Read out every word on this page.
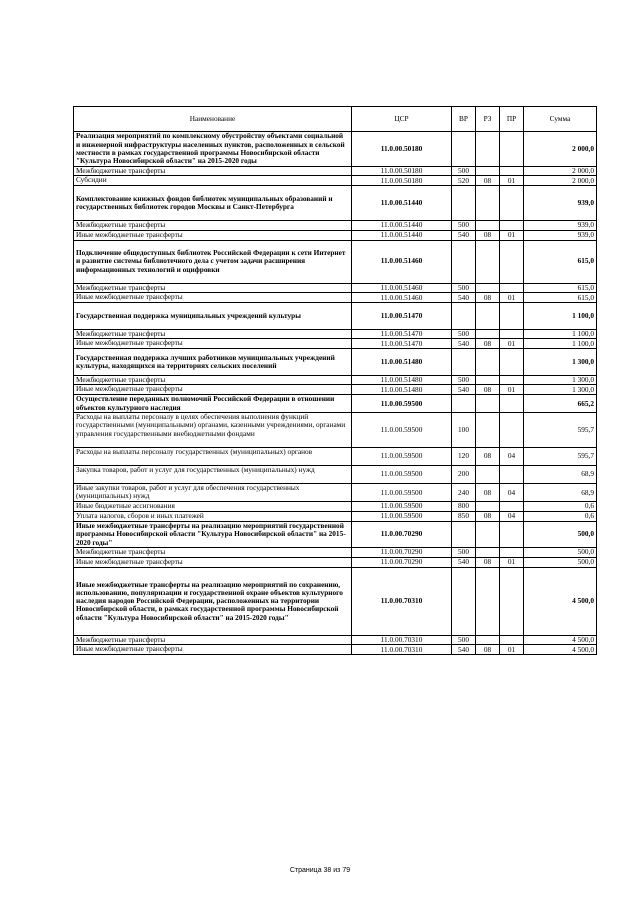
Наименование	ЦСР	ВР	РЗ	ПР	Сумма
Реализация мероприятий по комплексному обустройству объектами социальной и инженерной инфраструктуры населенных пунктов, расположенных в сельской местности в рамках государственной программы Новосибирской области "Культура Новосибирской области" на 2015-2020 годы	11.0.00.50180				2 000,0
Межбюджетные трансферты	11.0.00.50180	500			2 000,0
Субсидии	11.0.00.50180	520	08	01	2 000,0
Комплектование книжных фондов библиотек муниципальных образований и государственных библиотек городов Москвы и Санкт-Петербурга	11.0.00.51440				939,0
Межбюджетные трансферты	11.0.00.51440	500			939,0
Иные межбюджетные трансферты	11.0.00.51440	540	08	01	939,0
Подключение общедоступных библиотек Российской Федерации к сети Интернет и развитие системы библиотечного дела с учетом задачи расширения информационных технологий и оцифровки	11.0.00.51460				615,0
Межбюджетные трансферты	11.0.00.51460	500			615,0
Иные межбюджетные трансферты	11.0.00.51460	540	08	01	615,0
Государственная поддержка муниципальных учреждений культуры	11.0.00.51470				1 100,0
Межбюджетные трансферты	11.0.00.51470	500			1 100,0
Иные межбюджетные трансферты	11.0.00.51470	540	08	01	1 100,0
Государственная поддержка лучших работников муниципальных учреждений культуры, находящихся на территориях сельских поселений	11.0.00.51480				1 300,0
Межбюджетные трансферты	11.0.00.51480	500			1 300,0
Иные межбюджетные трансферты	11.0.00.51480	540	08	01	1 300,0
Осуществление переданных полномочий Российской Федерации в отношении объектов культурного наследия	11.0.00.59500				665,2
Расходы на выплаты персоналу в целях обеспечения выполнения функций государственными (муниципальными) органами, казенными учреждениями, органами управления государственными внебюджетными фондами	11.0.00.59500	100			595,7
Расходы на выплаты персоналу государственных (муниципальных) органов	11.0.00.59500	120	08	04	595,7
Закупка товаров, работ и услуг для государственных (муниципальных) нужд	11.0.00.59500	200			68,9
Иные закупки товаров, работ и услуг для обеспечения государственных (муниципальных) нужд	11.0.00.59500	240	08	04	68,9
Иные бюджетные ассигнования	11.0.00.59500	800			0,6
Уплата налогов, сборов и иных платежей	11.0.00.59500	850	08	04	0,6
Иные межбюджетные трансферты на реализацию мероприятий государственной программы Новосибирской области "Культура Новосибирской области" на 2015-2020 годы"	11.0.00.70290				500,0
Межбюджетные трансферты	11.0.00.70290	500			500,0
Иные межбюджетные трансферты	11.0.00.70290	540	08	01	500,0
Иные межбюджетные трансферты на реализацию мероприятий по сохранению, использованию, популяризации и государственной охране объектов культурного наследия народов Российской Федерации, расположенных на территории Новосибирской области, в рамках государственной программы Новосибирской области "Культура Новосибирской области" на 2015-2020 годы"	11.0.00.70310				4 500,0
Межбюджетные трансферты	11.0.00.70310	500			4 500,0
Иные межбюджетные трансферты	11.0.00.70310	540	08	01	4 500,0
Страница 38 из 79
